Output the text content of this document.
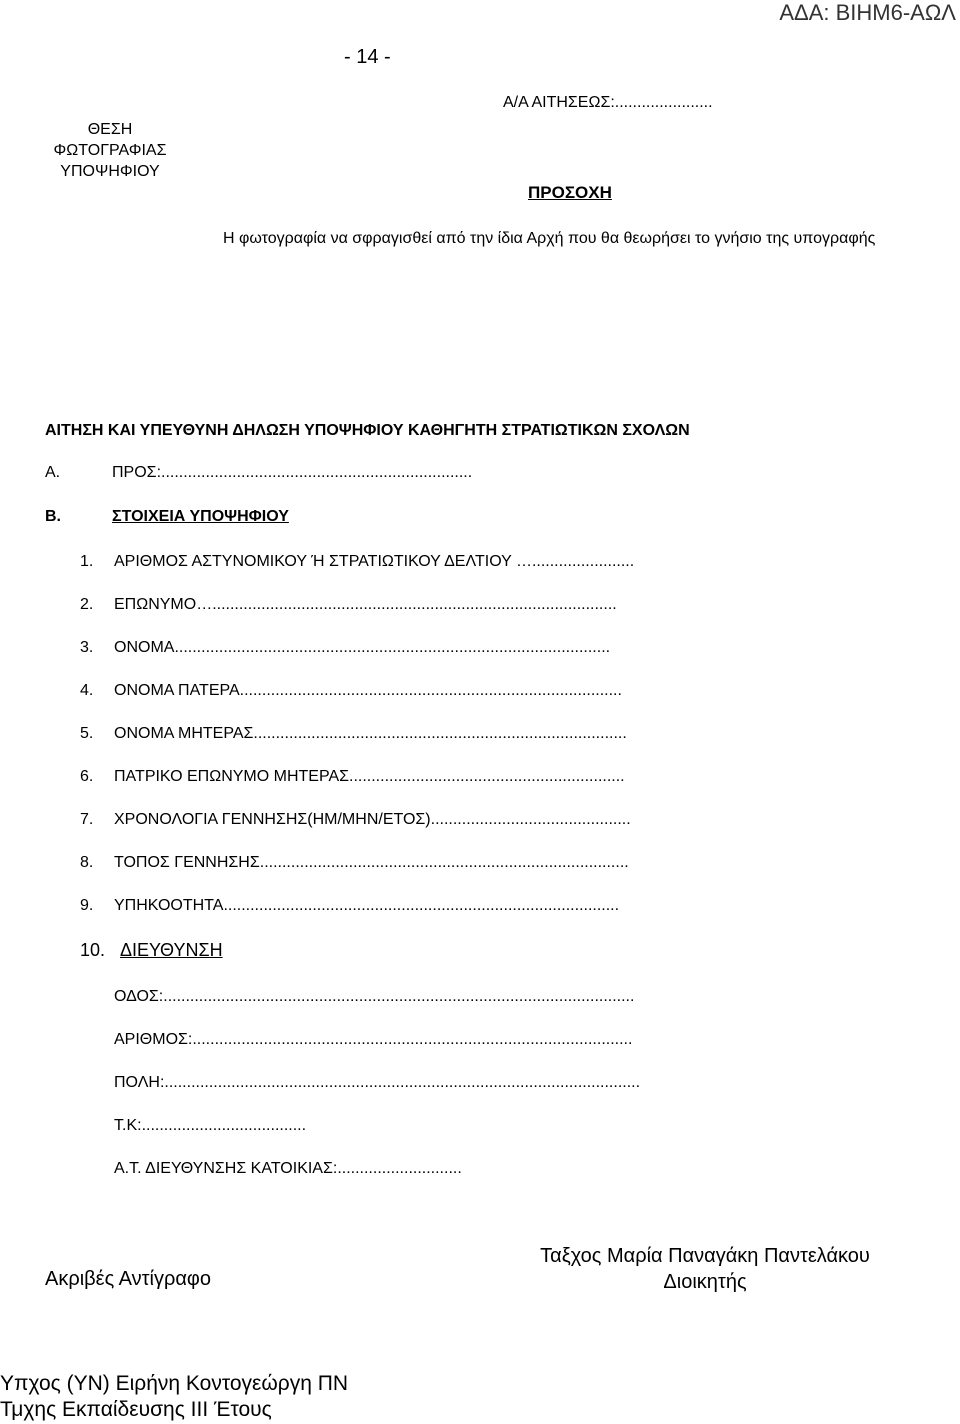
ΑΔΑ: ΒΙΗΜ6-ΑΩΛ
- 14 -
Α/Α ΑΙΤΗΣΕΩΣ:......................
ΘΕΣΗ
ΦΩΤΟΓΡΑΦΙΑΣ
ΥΠΟΨΗΦΙΟΥ
ΠΡΟΣΟΧΗ
Η φωτογραφία να σφραγισθεί από την ίδια Αρχή που θα θεωρήσει το γνήσιο της υπογραφής
ΑΙΤΗΣΗ ΚΑΙ ΥΠΕΥΘΥΝΗ ΔΗΛΩΣΗ ΥΠΟΨΗΦΙΟΥ ΚΑΘΗΓΗΤΗ ΣΤΡΑΤΙΩΤΙΚΩΝ ΣΧΟΛΩΝ
Α.	ΠΡΟΣ:......................................................................
Β.	ΣΤΟΙΧΕΙΑ ΥΠΟΨΗΦΙΟΥ
1. ΑΡΙΘΜΟΣ ΑΣΤΥΝΟΜΙΚΟΥ Ή ΣΤΡΑΤΙΩΤΙΚΟΥ ΔΕΛΤΙΟΥ ….......................
2. ΕΠΩΝΥΜΟ…...........................................................................................
3. ΟΝΟΜΑ..................................................................................................
4. ΟΝΟΜΑ ΠΑΤΕΡΑ......................................................................................
5. ΟΝΟΜΑ ΜΗΤΕΡΑΣ....................................................................................
6. ΠΑΤΡΙΚΟ ΕΠΩΝΥΜΟ ΜΗΤΕΡΑΣ..............................................................
7. ΧΡΟΝΟΛΟΓΙΑ ΓΕΝΝΗΣΗΣ(ΗΜ/ΜΗΝ/ΕΤΟΣ).............................................
8. ΤΟΠΟΣ ΓΕΝΝΗΣΗΣ...................................................................................
9. ΥΠΗΚΟΟΤΗΤΑ.........................................................................................
10. ΔΙΕΥΘΥΝΣΗ
ΟΔΟΣ:..........................................................................................................
ΑΡΙΘΜΟΣ:...................................................................................................
ΠΟΛΗ:...........................................................................................................
Τ.Κ:.....................................
Α.Τ. ΔΙΕΥΘΥΝΣΗΣ ΚΑΤΟΙΚΙΑΣ:............................
Ακριβές Αντίγραφο
Ταξχος Μαρία Παναγάκη Παντελάκου
Διοικητής
Υπχος (ΥΝ) Ειρήνη Κοντογεώργη ΠΝ
Τμχης Εκπαίδευσης ΙΙΙ Έτους
